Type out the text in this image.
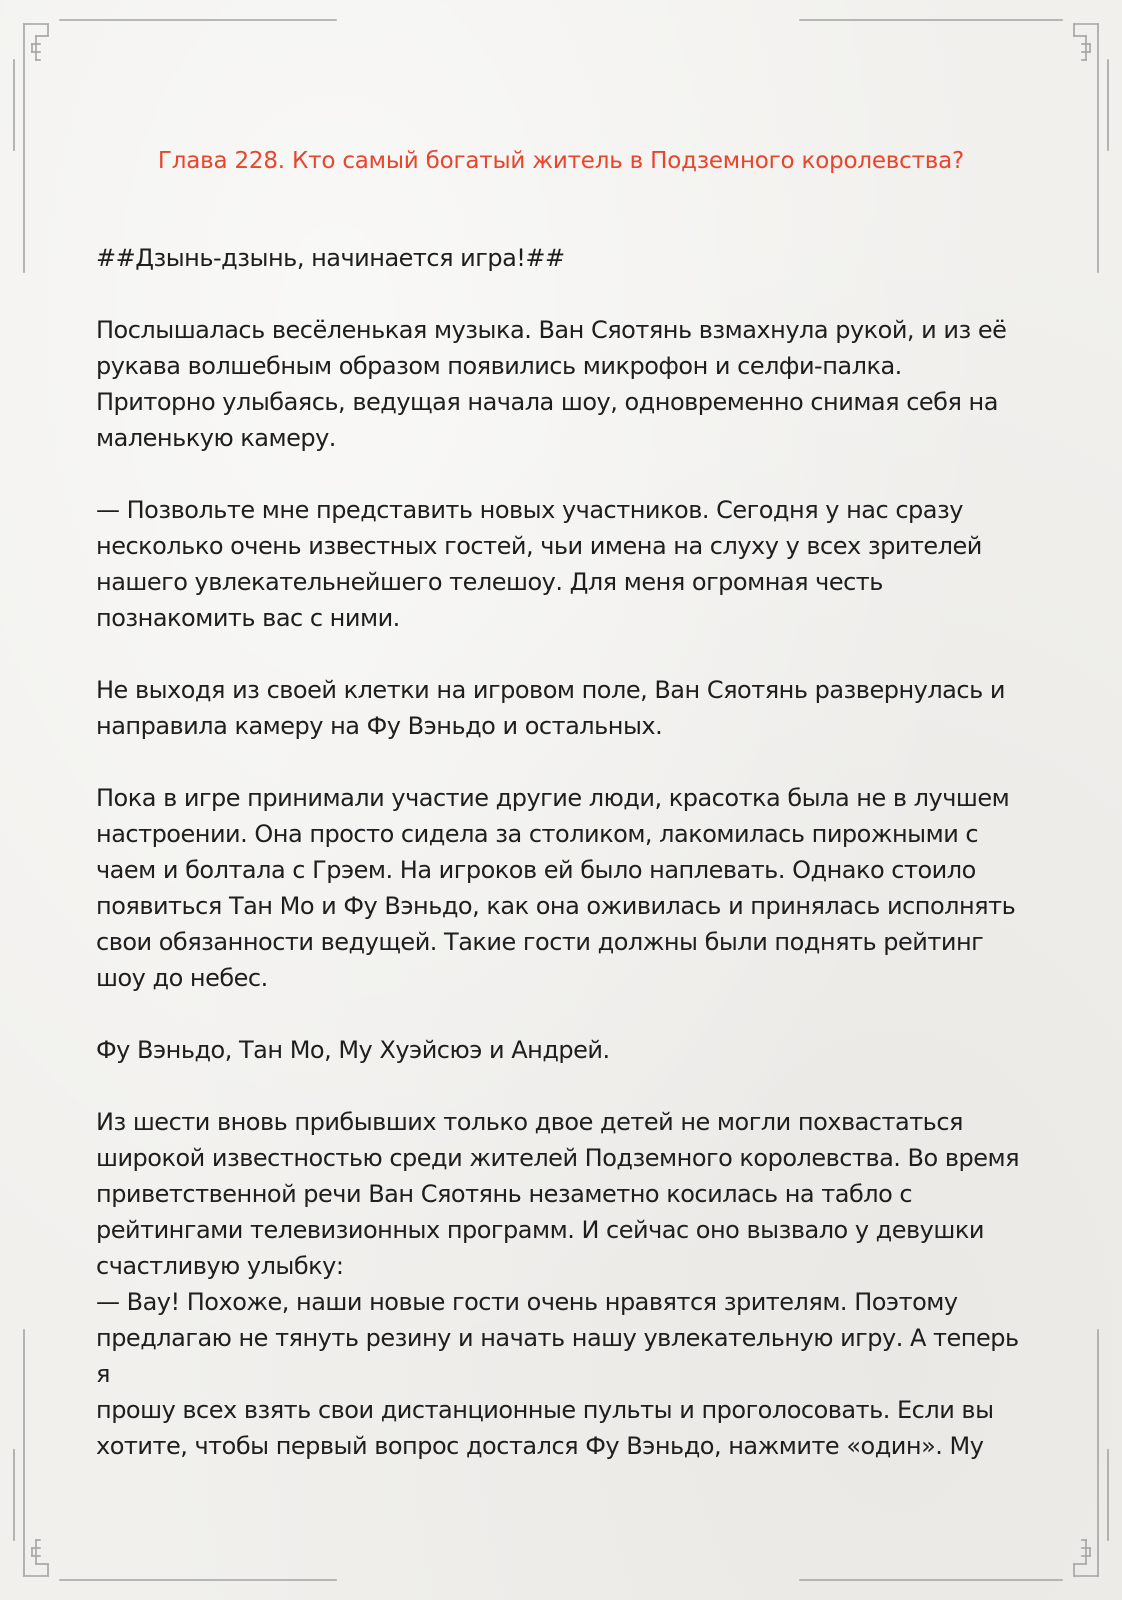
Глава 228. Кто самый богатый житель в Подземного королевства?

##Дзынь-дзынь, начинается игра!##

Послышалась весёленькая музыка. Ван Сяотянь взмахнула рукой, и из её
рукава волшебным образом появились микрофон и селфи-палка.
Приторно улыбаясь, ведущая начала шоу, одновременно снимая себя на
маленькую камеру.

— Позвольте мне представить новых участников. Сегодня у нас сразу
несколько очень известных гостей, чьи имена на слуху у всех зрителей
нашего увлекательнейшего телешоу. Для меня огромная честь
познакомить вас с ними.

Не выходя из своей клетки на игровом поле, Ван Сяотянь развернулась и
направила камеру на Фу Вэньдо и остальных.

Пока в игре принимали участие другие люди, красотка была не в лучшем
настроении. Она просто сидела за столиком, лакомилась пирожными с
чаем и болтала с Грэем. На игроков ей было наплевать. Однако стоило
появиться Тан Мо и Фу Вэньдо, как она оживилась и принялась исполнять
свои обязанности ведущей. Такие гости должны были поднять рейтинг
шоу до небес.

Фу Вэньдо, Тан Мо, Му Хуэйсюэ и Андрей.

Из шести вновь прибывших только двое детей не могли похвастаться
широкой известностью среди жителей Подземного королевства. Во время
приветственной речи Ван Сяотянь незаметно косилась на табло с
рейтингами телевизионных программ. И сейчас оно вызвало у девушки
счастливую улыбку:

— Вау! Похоже, наши новые гости очень нравятся зрителям. Поэтому
предлагаю не тянуть резину и начать нашу увлекательную игру. А теперь я
прошу всех взять свои дистанционные пульты и проголосовать. Если вы
хотите, чтобы первый вопрос достался Фу Вэньдо, нажмите «один». Му
